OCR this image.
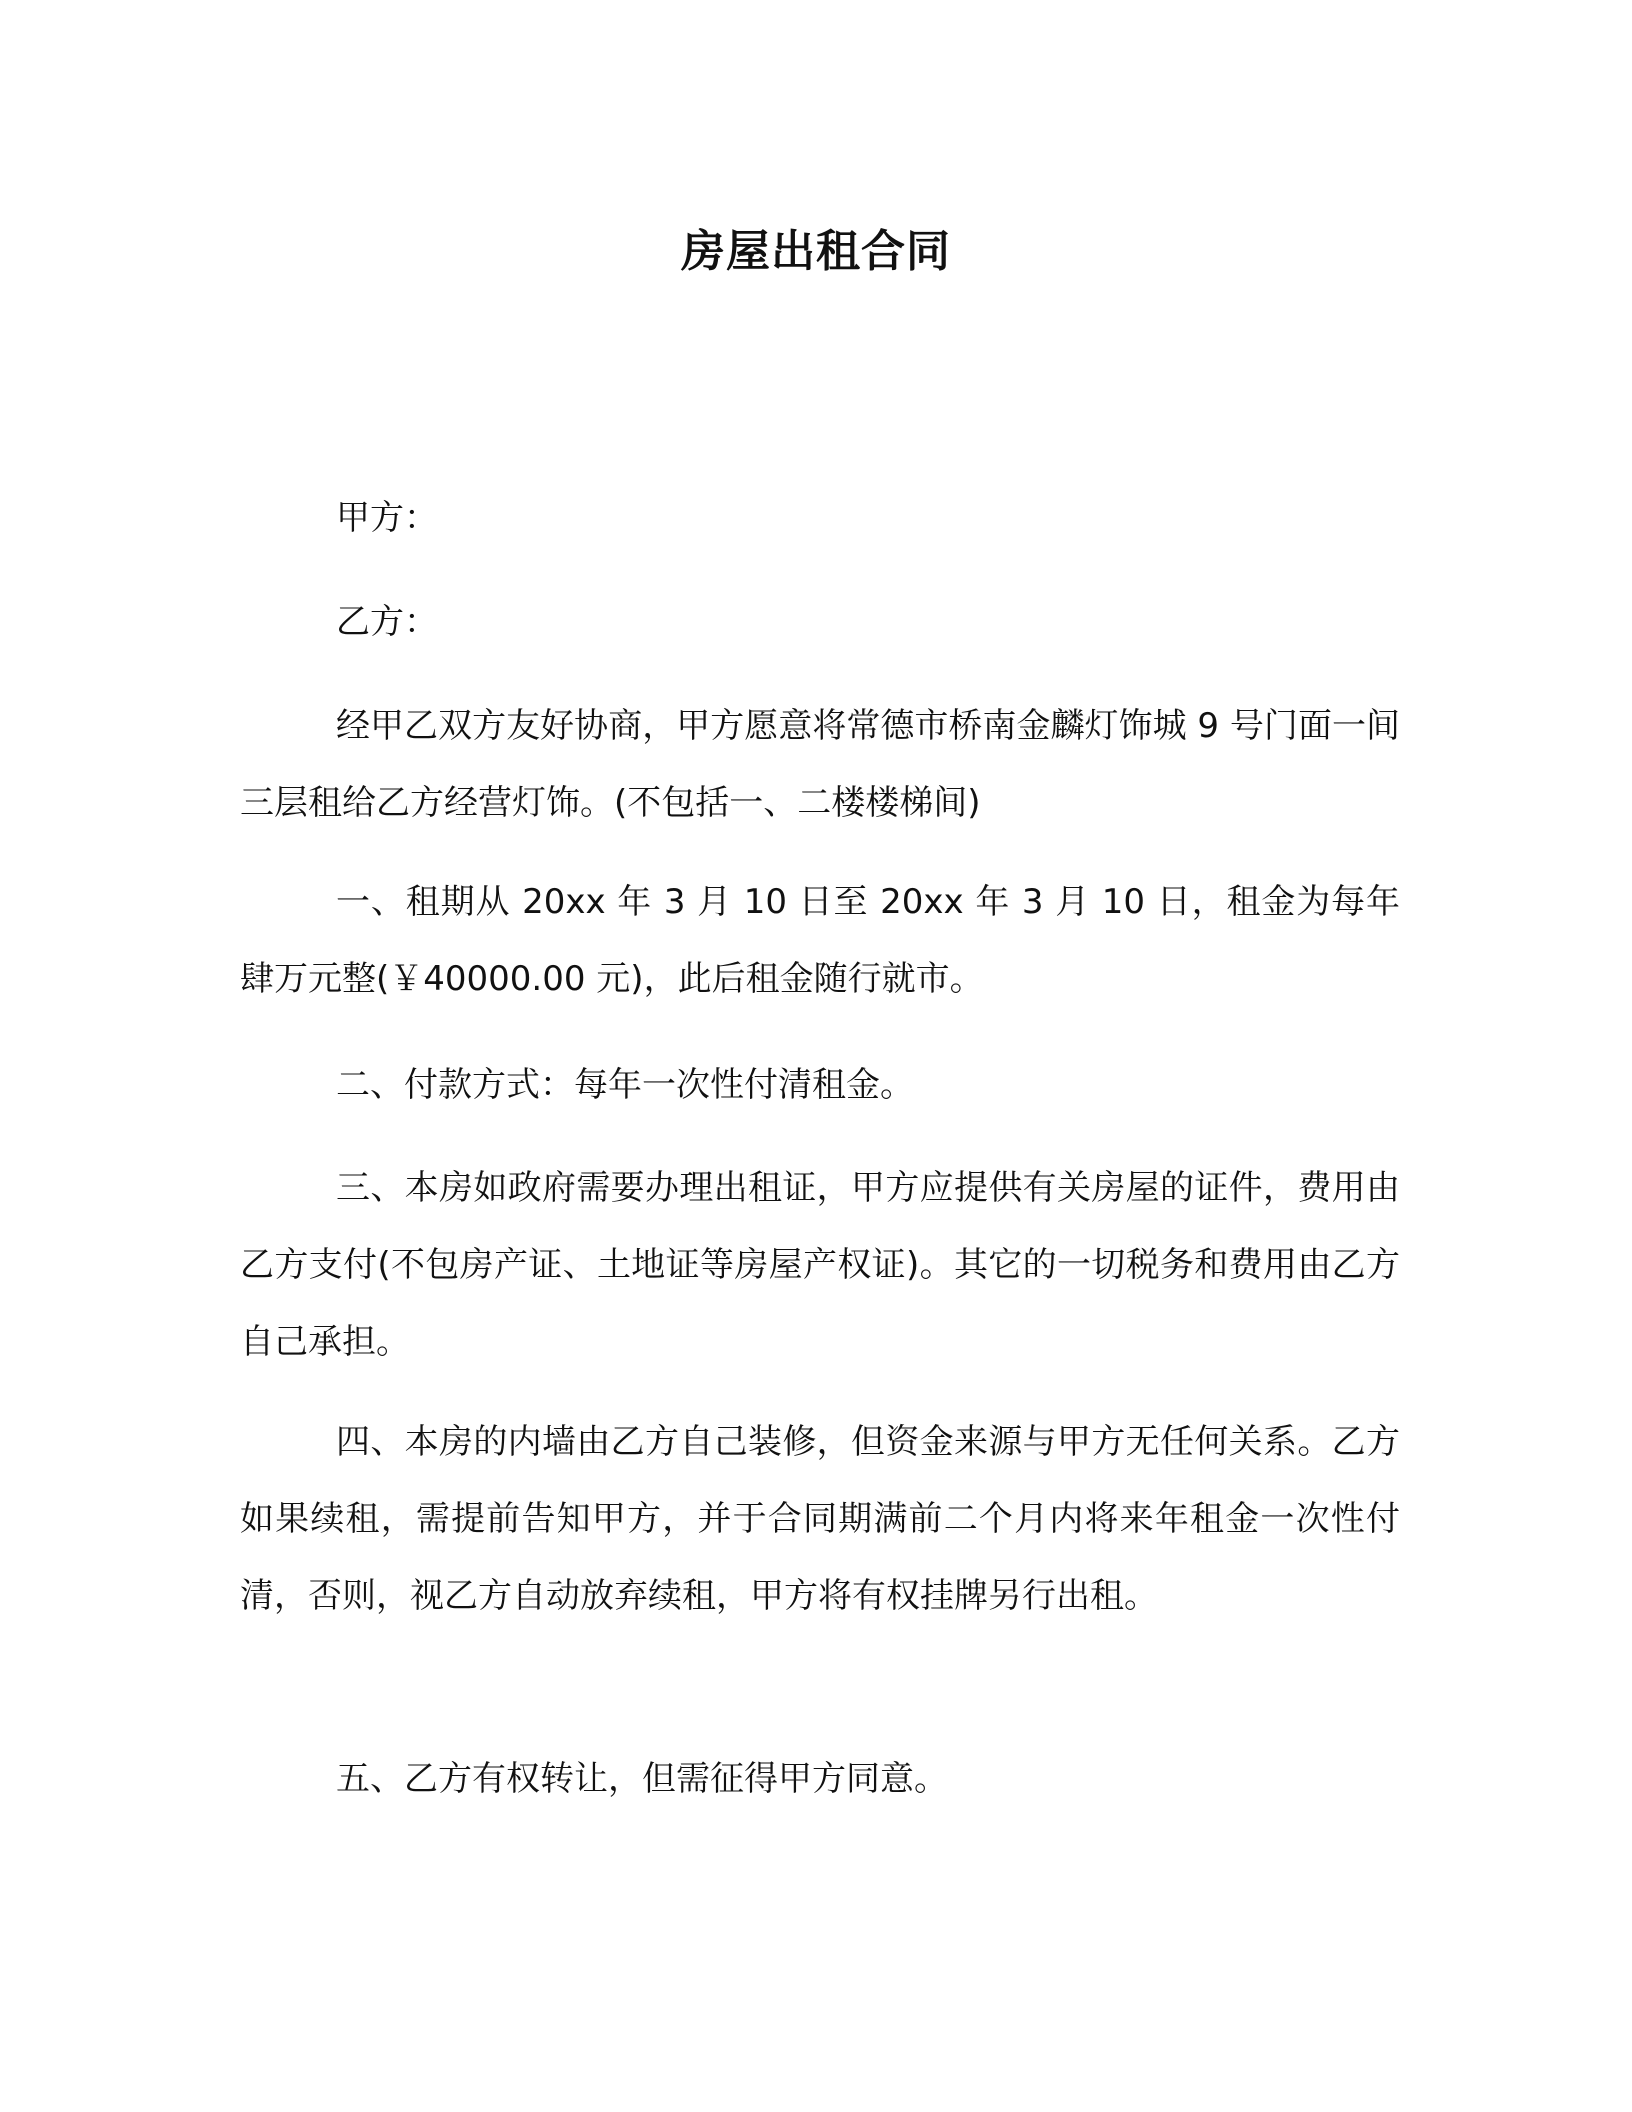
房屋出租合同

甲方：

乙方：

经甲乙双方友好协商，甲方愿意将常德市桥南金麟灯饰城 9 号门面一间三层租给乙方经营灯饰。(不包括一、二楼楼梯间)

一、租期从 20xx 年 3 月 10 日至 20xx 年 3 月 10 日，租金为每年肆万元整(￥40000.00 元)，此后租金随行就市。

二、付款方式：每年一次性付清租金。

三、本房如政府需要办理出租证，甲方应提供有关房屋的证件，费用由乙方支付(不包房产证、土地证等房屋产权证)。其它的一切税务和费用由乙方自己承担。

四、本房的内墙由乙方自己装修，但资金来源与甲方无任何关系。乙方如果续租，需提前告知甲方，并于合同期满前二个月内将来年租金一次性付清，否则，视乙方自动放弃续租，甲方将有权挂牌另行出租。

五、乙方有权转让，但需征得甲方同意。
